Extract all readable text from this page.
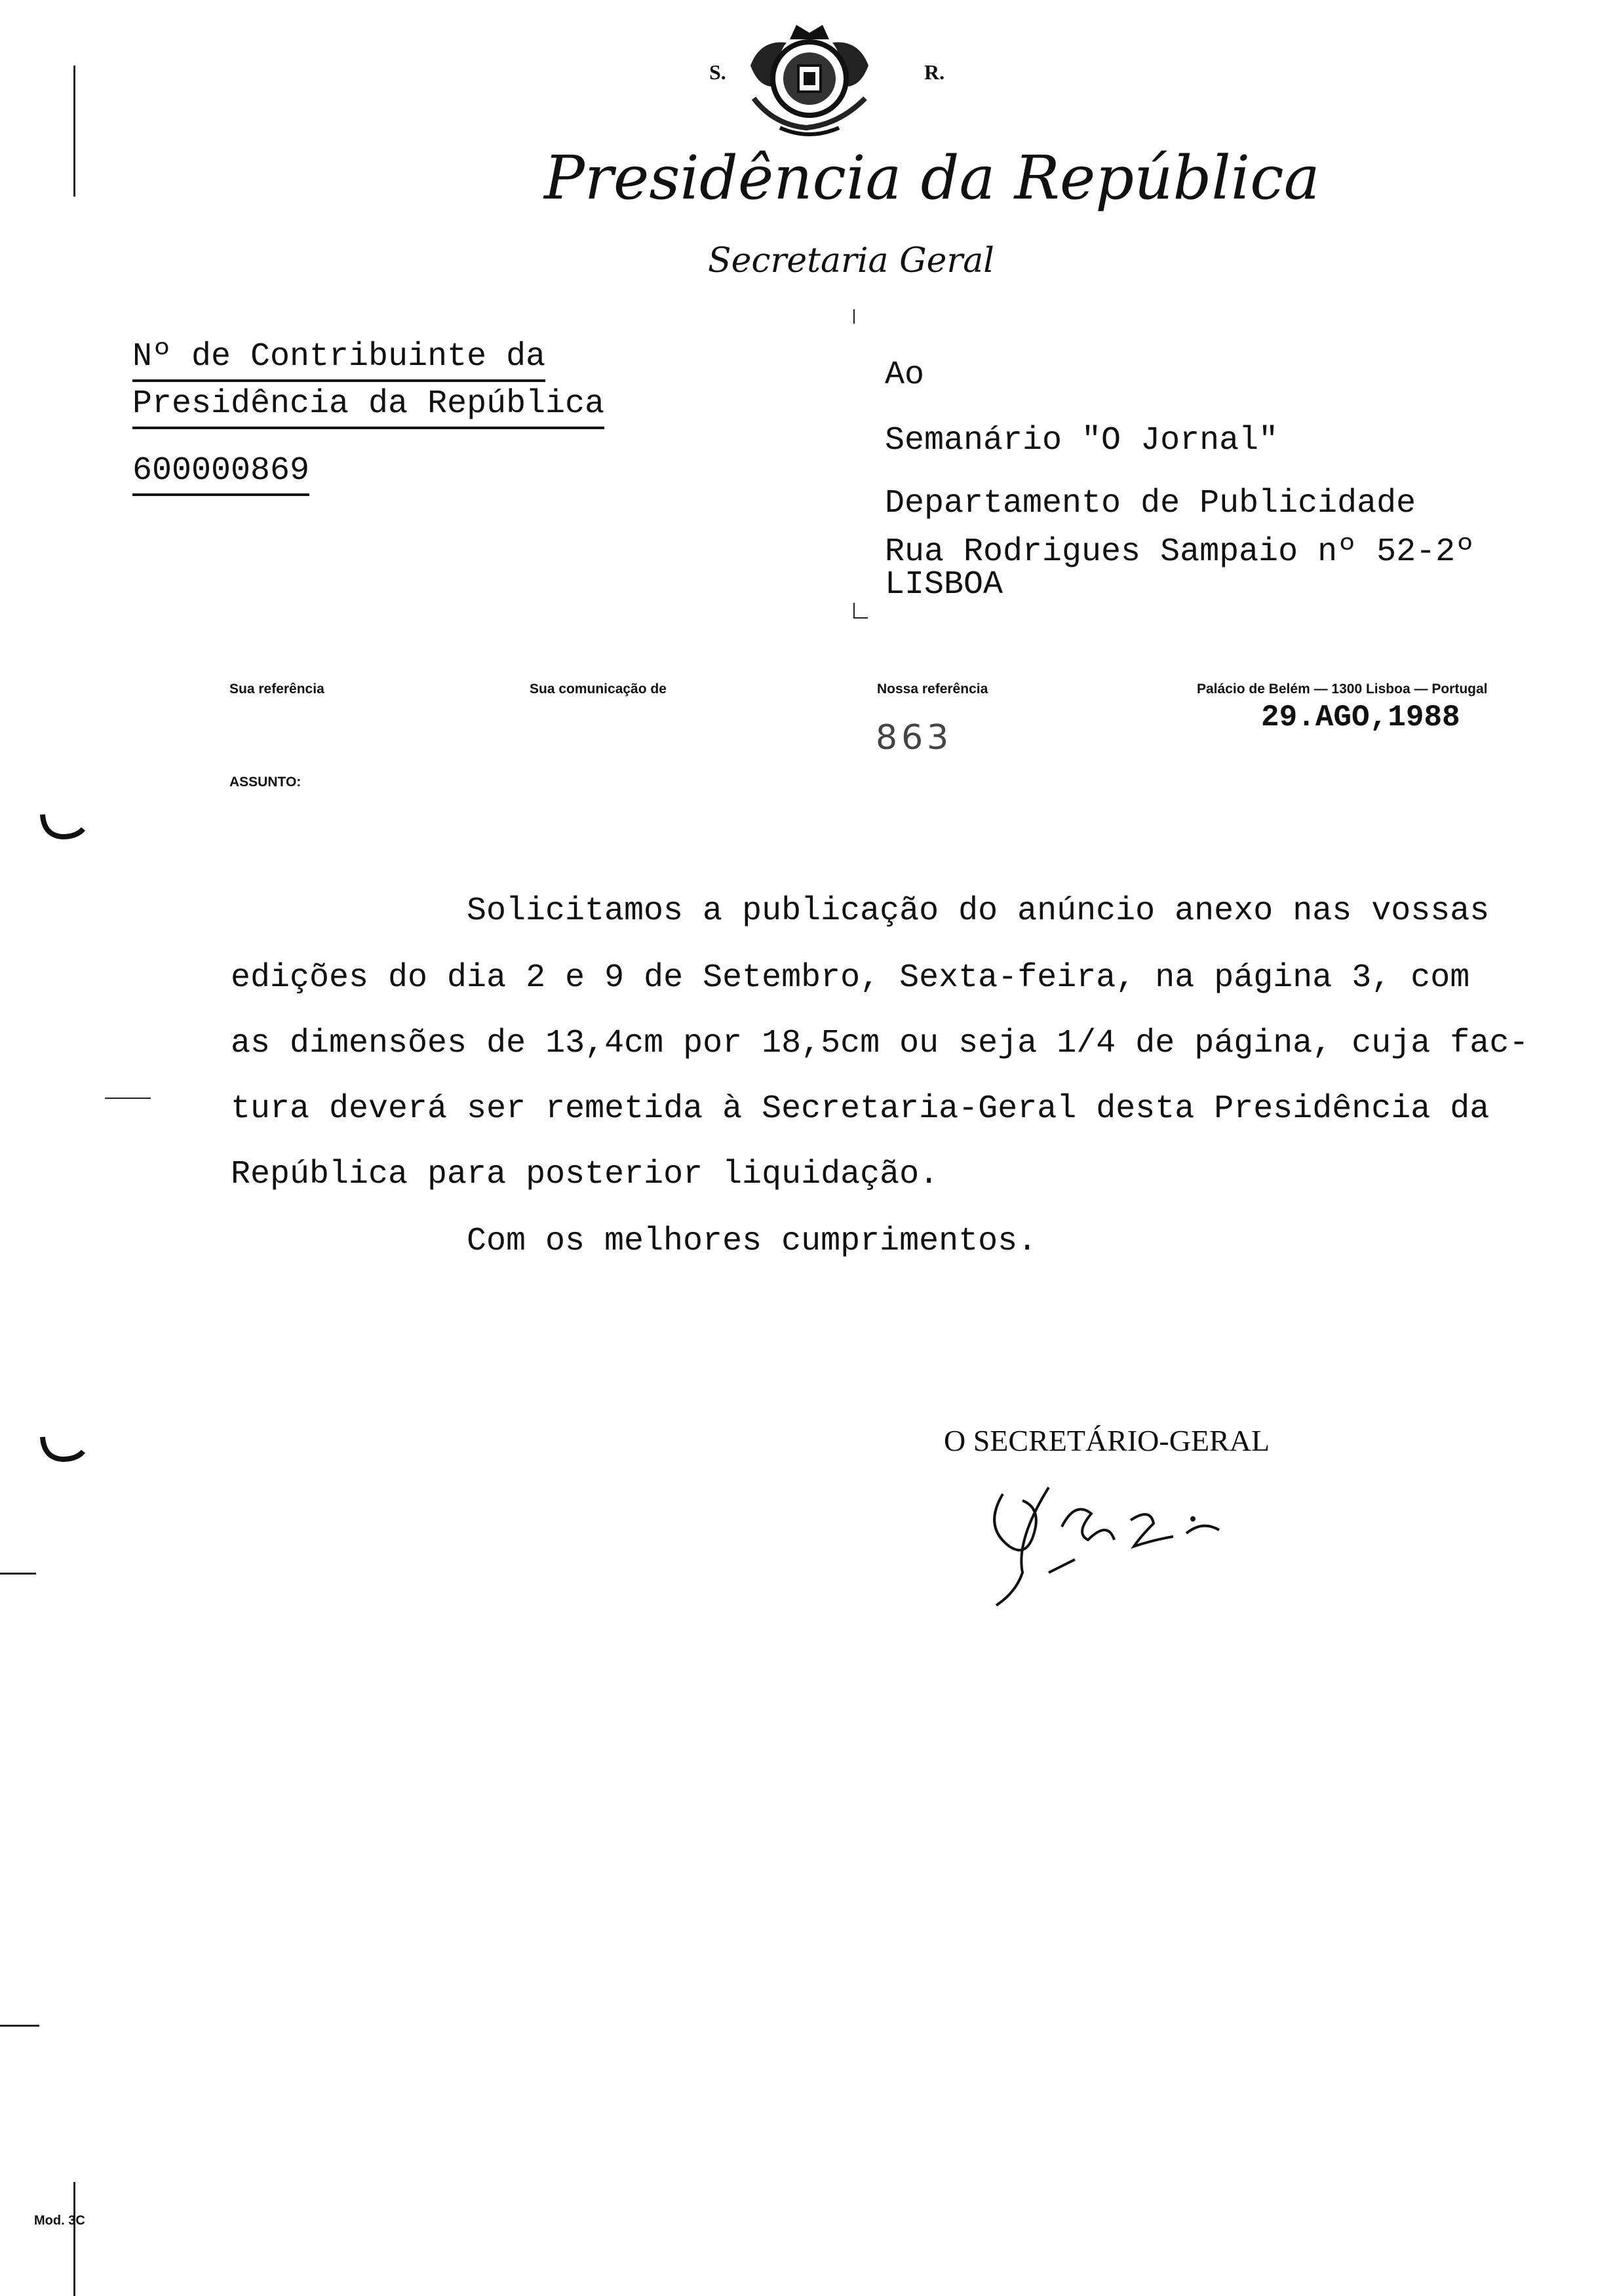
S.	R.
Presidência da República
Secretaria Geral
Nº de Contribuinte da
Presidência da República
600000869
Ao
Semanário "O Jornal"
Departamento de Publicidade
Rua Rodrigues Sampaio nº 52-2º
LISBOA
Sua referência	Sua comunicação de	Nossa referência
863
Palácio de Belém — 1300 Lisboa — Portugal
29.AGO,1988
ASSUNTO:
Solicitamos a publicação do anúncio anexo nas vossas
edições do dia 2 e 9 de Setembro, Sexta-feira, na página 3, com
as dimensões de 13,4cm por 18,5cm ou seja 1/4 de página, cuja fac-
tura deverá ser remetida à Secretaria-Geral desta Presidência da
República para posterior liquidação.
Com os melhores cumprimentos.
O SECRETÁRIO-GERAL
Mod. 3C
